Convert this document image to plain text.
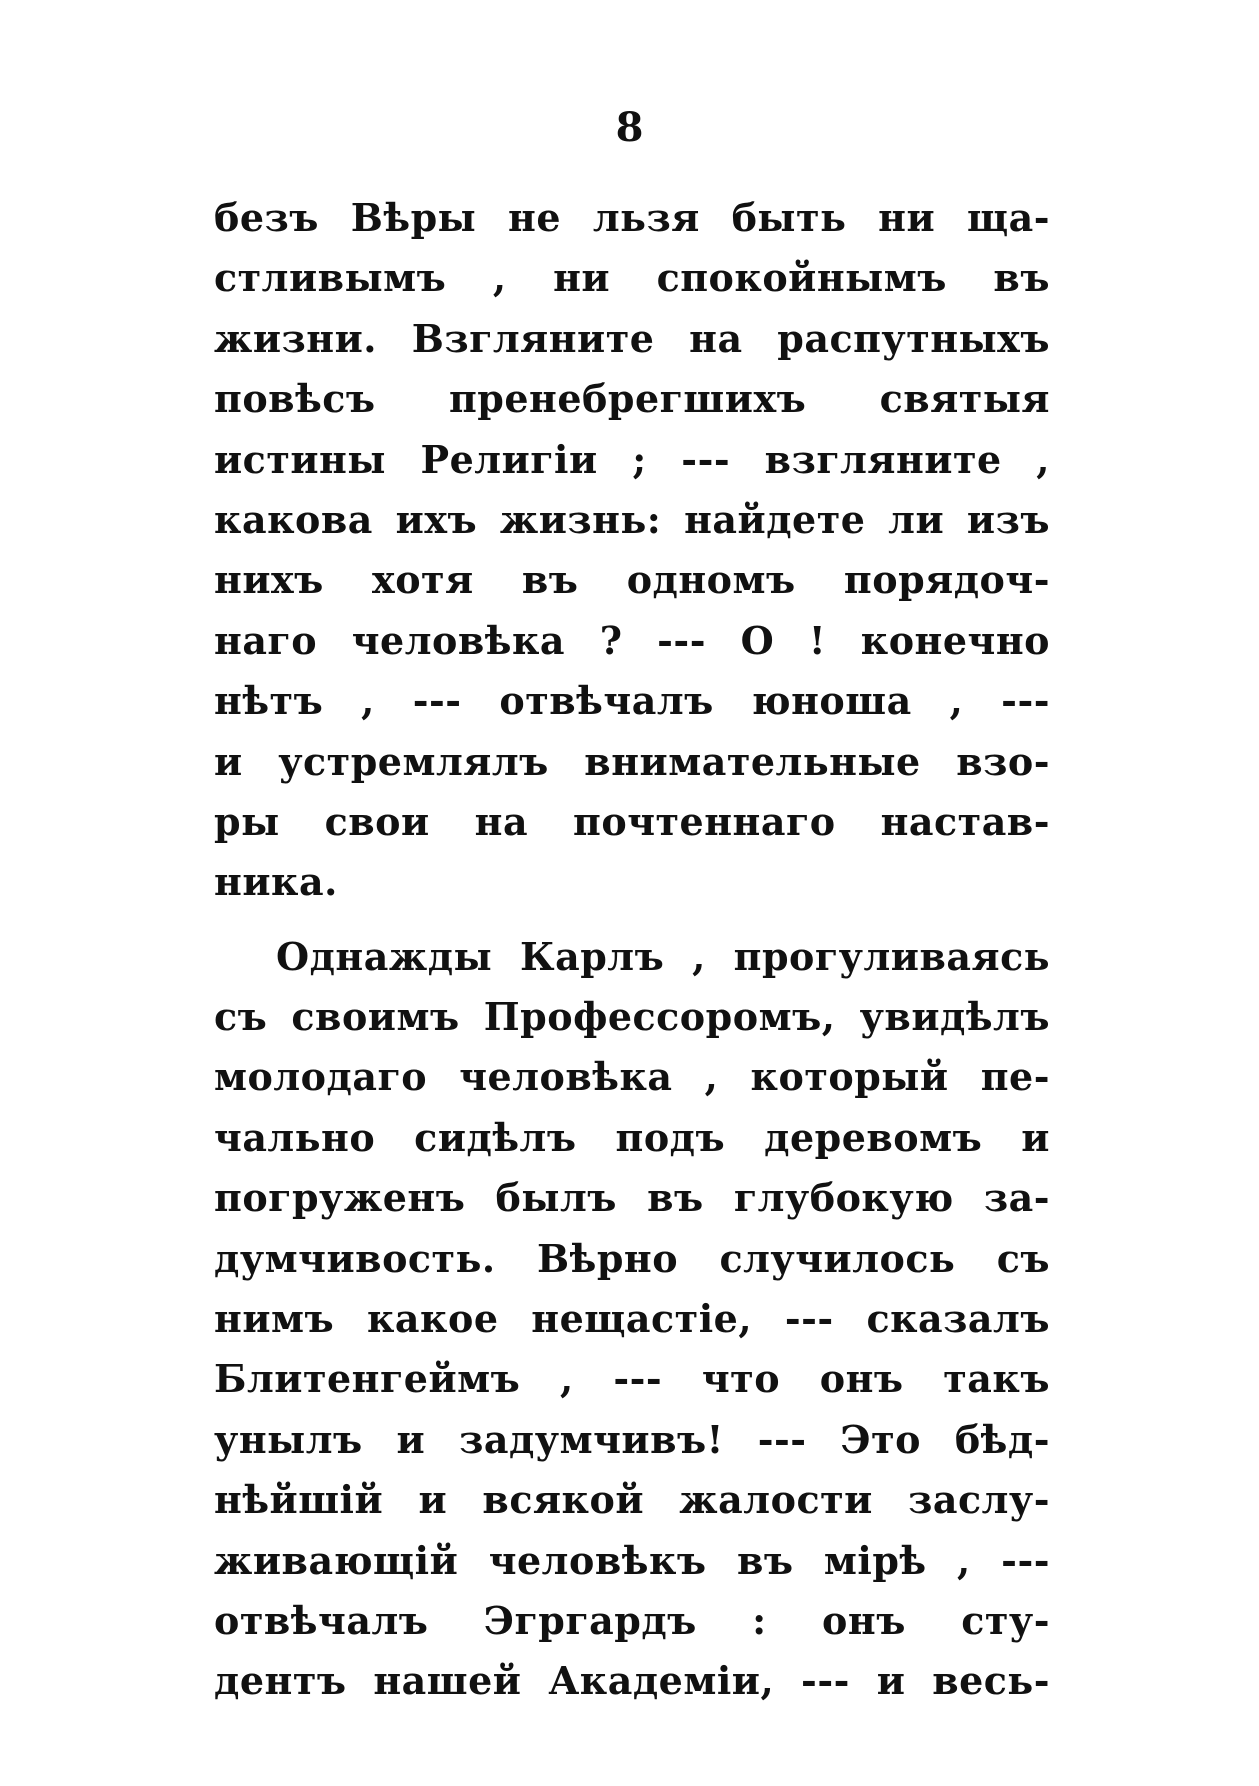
8
безъ Вѣры не льзя быть ни ща-
стливымъ , ни спокойнымъ въ
жизни. Взгляните на распутныхъ
повѣсъ пренебрегшихъ святыя
истины Религіи ; --- взгляните ,
какова ихъ жизнь: найдете ли изъ
нихъ хотя въ одномъ порядоч-
наго человѣка ? --- О ! конечно
нѣтъ , --- отвѣчалъ юноша , ---
и устремлялъ внимательные взо-
ры свои на почтеннаго настав-
ника.
Однажды Карлъ , прогуливаясь
съ своимъ Профессоромъ, увидѣлъ
молодаго человѣка , который пе-
чальнo сидѣлъ подъ деревомъ и
погруженъ былъ въ глубокую за-
думчивость. Вѣрно случилось съ
нимъ какое нещастіе, --- сказалъ
Блитенгеймъ , --- что онъ такъ
унылъ и задумчивъ! --- Это бѣд-
нѣйшій и всякой жалости заслу-
живающій человѣкъ въ мірѣ , ---
отвѣчалъ Эгргардъ : онъ сту-
дентъ нашей Академіи, --- и весь-
